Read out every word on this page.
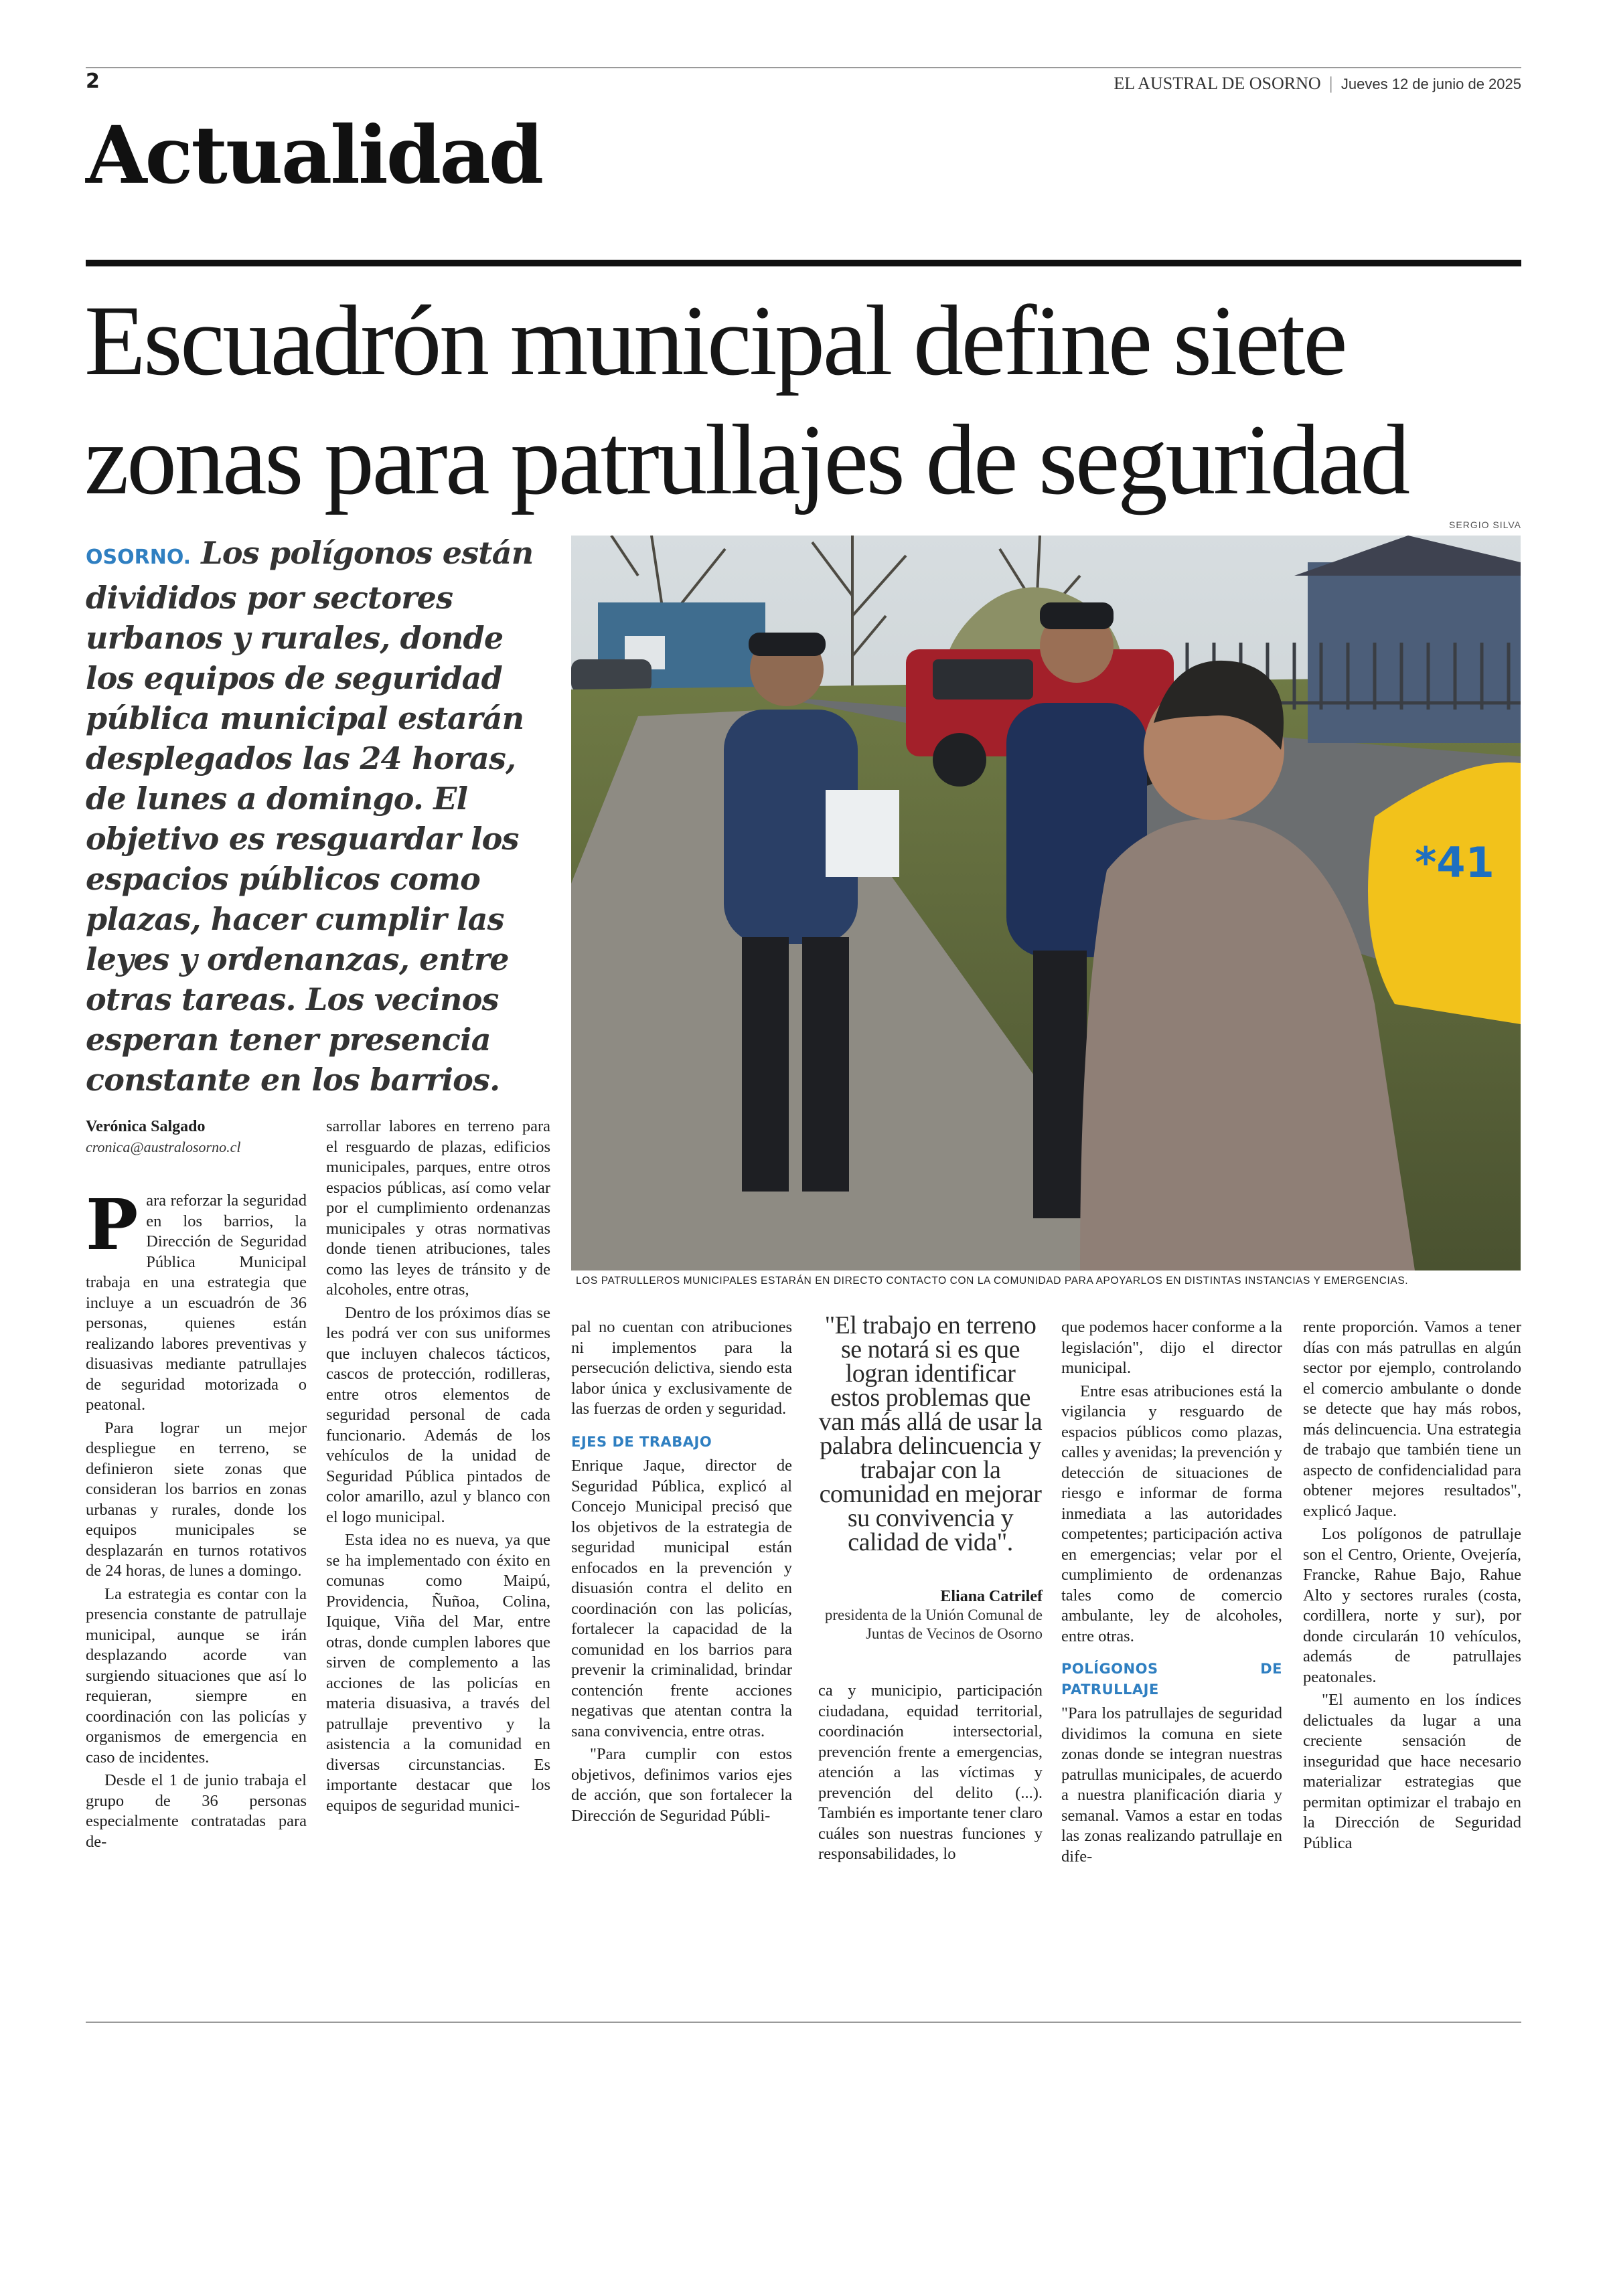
2	EL AUSTRAL DE OSORNO | Jueves 12 de junio de 2025
Actualidad
Escuadrón municipal define siete
zonas para patrullajes de seguridad
OSORNO. Los polígonos están divididos por sectores urbanos y rurales, donde los equipos de seguridad pública municipal estarán desplegados las 24 horas, de lunes a domingo. El objetivo es resguardar los espacios públicos como plazas, hacer cumplir las leyes y ordenanzas, entre otras tareas. Los vecinos esperan tener presencia constante en los barrios.
SERGIO SILVA
*41
LOS PATRULLEROS MUNICIPALES ESTARÁN EN DIRECTO CONTACTO CON LA COMUNIDAD PARA APOYARLOS EN DISTINTAS INSTANCIAS Y EMERGENCIAS.
Verónica Salgado
cronica@australosorno.cl

Para reforzar la seguridad en los barrios, la Dirección de Seguridad Pública Municipal trabaja en una estrategia que incluye a un escuadrón de 36 personas, quienes están realizando labores preventivas y disuasivas mediante patrullajes de seguridad motorizada o peatonal.

Para lograr un mejor despliegue en terreno, se definieron siete zonas que consideran los barrios en zonas urbanas y rurales, donde los equipos municipales se desplazarán en turnos rotativos de 24 horas, de lunes a domingo.

La estrategia es contar con la presencia constante de patrullaje municipal, aunque se irán desplazando acorde van surgiendo situaciones que así lo requieran, siempre en coordinación con las policías y organismos de emergencia en caso de incidentes.

Desde el 1 de junio trabaja el grupo de 36 personas especialmente contratadas para de-

sarrollar labores en terreno para el resguardo de plazas, edificios municipales, parques, entre otros espacios públicas, así como velar por el cumplimiento ordenanzas municipales y otras normativas donde tienen atribuciones, tales como las leyes de tránsito y de alcoholes, entre otras,

Dentro de los próximos días se les podrá ver con sus uniformes que incluyen chalecos tácticos, cascos de protección, rodilleras, entre otros elementos de seguridad personal de cada funcionario. Además de los vehículos de la unidad de Seguridad Pública pintados de color amarillo, azul y blanco con el logo municipal.

Esta idea no es nueva, ya que se ha implementado con éxito en comunas como Maipú, Providencia, Ñuñoa, Colina, Iquique, Viña del Mar, entre otras, donde cumplen labores que sirven de complemento a las acciones de las policías en materia disuasiva, a través del patrullaje preventivo y la asistencia a la comunidad en diversas circunstancias. Es importante destacar que los equipos de seguridad munici-

pal no cuentan con atribuciones ni implementos para la persecución delictiva, siendo esta labor única y exclusivamente de las fuerzas de orden y seguridad.

EJES DE TRABAJO

Enrique Jaque, director de Seguridad Pública, explicó al Concejo Municipal precisó que los objetivos de la estrategia de seguridad municipal están enfocados en la prevención y disuasión contra el delito en coordinación con las policías, fortalecer la capacidad de la comunidad en los barrios para prevenir la criminalidad, brindar contención frente acciones negativas que atentan contra la sana convivencia, entre otras.

"Para cumplir con estos objetivos, definimos varios ejes de acción, que son fortalecer la Dirección de Seguridad Públi-

"El trabajo en terreno se notará si es que logran identificar estos problemas que van más allá de usar la palabra delincuencia y trabajar con la comunidad en mejorar su convivencia y calidad de vida".
Eliana Catrilef
presidenta de la Unión Comunal de Juntas de Vecinos de Osorno

ca y municipio, participación ciudadana, equidad territorial, coordinación intersectorial, prevención frente a emergencias, atención a las víctimas y prevención del delito (...). También es importante tener claro cuáles son nuestras funciones y responsabilidades, lo

que podemos hacer conforme a la legislación", dijo el director municipal.

Entre esas atribuciones está la vigilancia y resguardo de espacios públicos como plazas, calles y avenidas; la prevención y detección de situaciones de riesgo e informar de forma inmediata a las autoridades competentes; participación activa en emergencias; velar por el cumplimiento de ordenanzas tales como de comercio ambulante, ley de alcoholes, entre otras.

POLÍGONOS DE PATRULLAJE

"Para los patrullajes de seguridad dividimos la comuna en siete zonas donde se integran nuestras patrullas municipales, de acuerdo a nuestra planificación diaria y semanal. Vamos a estar en todas las zonas realizando patrullaje en dife-

rente proporción. Vamos a tener días con más patrullas en algún sector por ejemplo, controlando el comercio ambulante o donde se detecte que hay más robos, más delincuencia. Una estrategia de trabajo que también tiene un aspecto de confidencialidad para obtener mejores resultados", explicó Jaque.

Los polígonos de patrullaje son el Centro, Oriente, Ovejería, Francke, Rahue Bajo, Rahue Alto y sectores rurales (costa, cordillera, norte y sur), por donde circularán 10 vehículos, además de patrullajes peatonales.

"El aumento en los índices delictuales da lugar a una creciente sensación de inseguridad que hace necesario materializar estrategias que permitan optimizar el trabajo en la Dirección de Seguridad Pública
